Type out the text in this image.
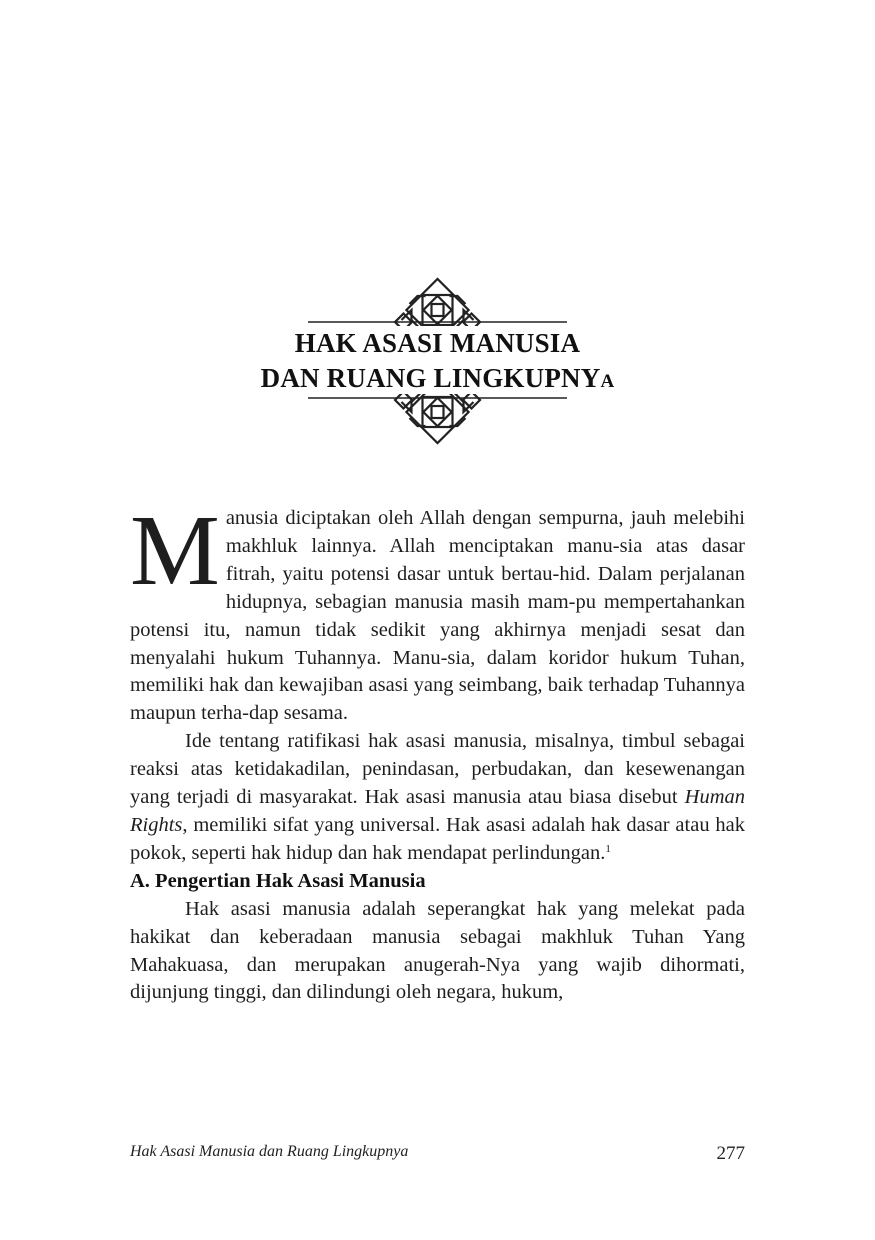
HAK ASASI MANUSIA
DAN RUANG LINGKUPNYA

Manusia diciptakan oleh Allah dengan sempurna, jauh melebihi makhluk lainnya. Allah menciptakan manu-sia atas dasar fitrah, yaitu potensi dasar untuk bertau-hid. Dalam perjalanan hidupnya, sebagian manusia masih mam-pu mempertahankan potensi itu, namun tidak sedikit yang akhirnya menjadi sesat dan menyalahi hukum Tuhannya. Manu-sia, dalam koridor hukum Tuhan, memiliki hak dan kewajiban asasi yang seimbang, baik terhadap Tuhannya maupun terha-dap sesama.

Ide tentang ratifikasi hak asasi manusia, misalnya, timbul sebagai reaksi atas ketidakadilan, penindasan, perbudakan, dan kesewenangan yang terjadi di masyarakat. Hak asasi manusia atau biasa disebut Human Rights, memiliki sifat yang universal. Hak asasi adalah hak dasar atau hak pokok, seperti hak hidup dan hak mendapat perlindungan.$^1$

A. Pengertian Hak Asasi Manusia

Hak asasi manusia adalah seperangkat hak yang melekat pada hakikat dan keberadaan manusia sebagai makhluk Tuhan Yang Mahakuasa, dan merupakan anugerah-Nya yang wajib dihormati, dijunjung tinggi, dan dilindungi oleh negara, hukum,

Hak Asasi Manusia dan Ruang Lingkupnya	277
